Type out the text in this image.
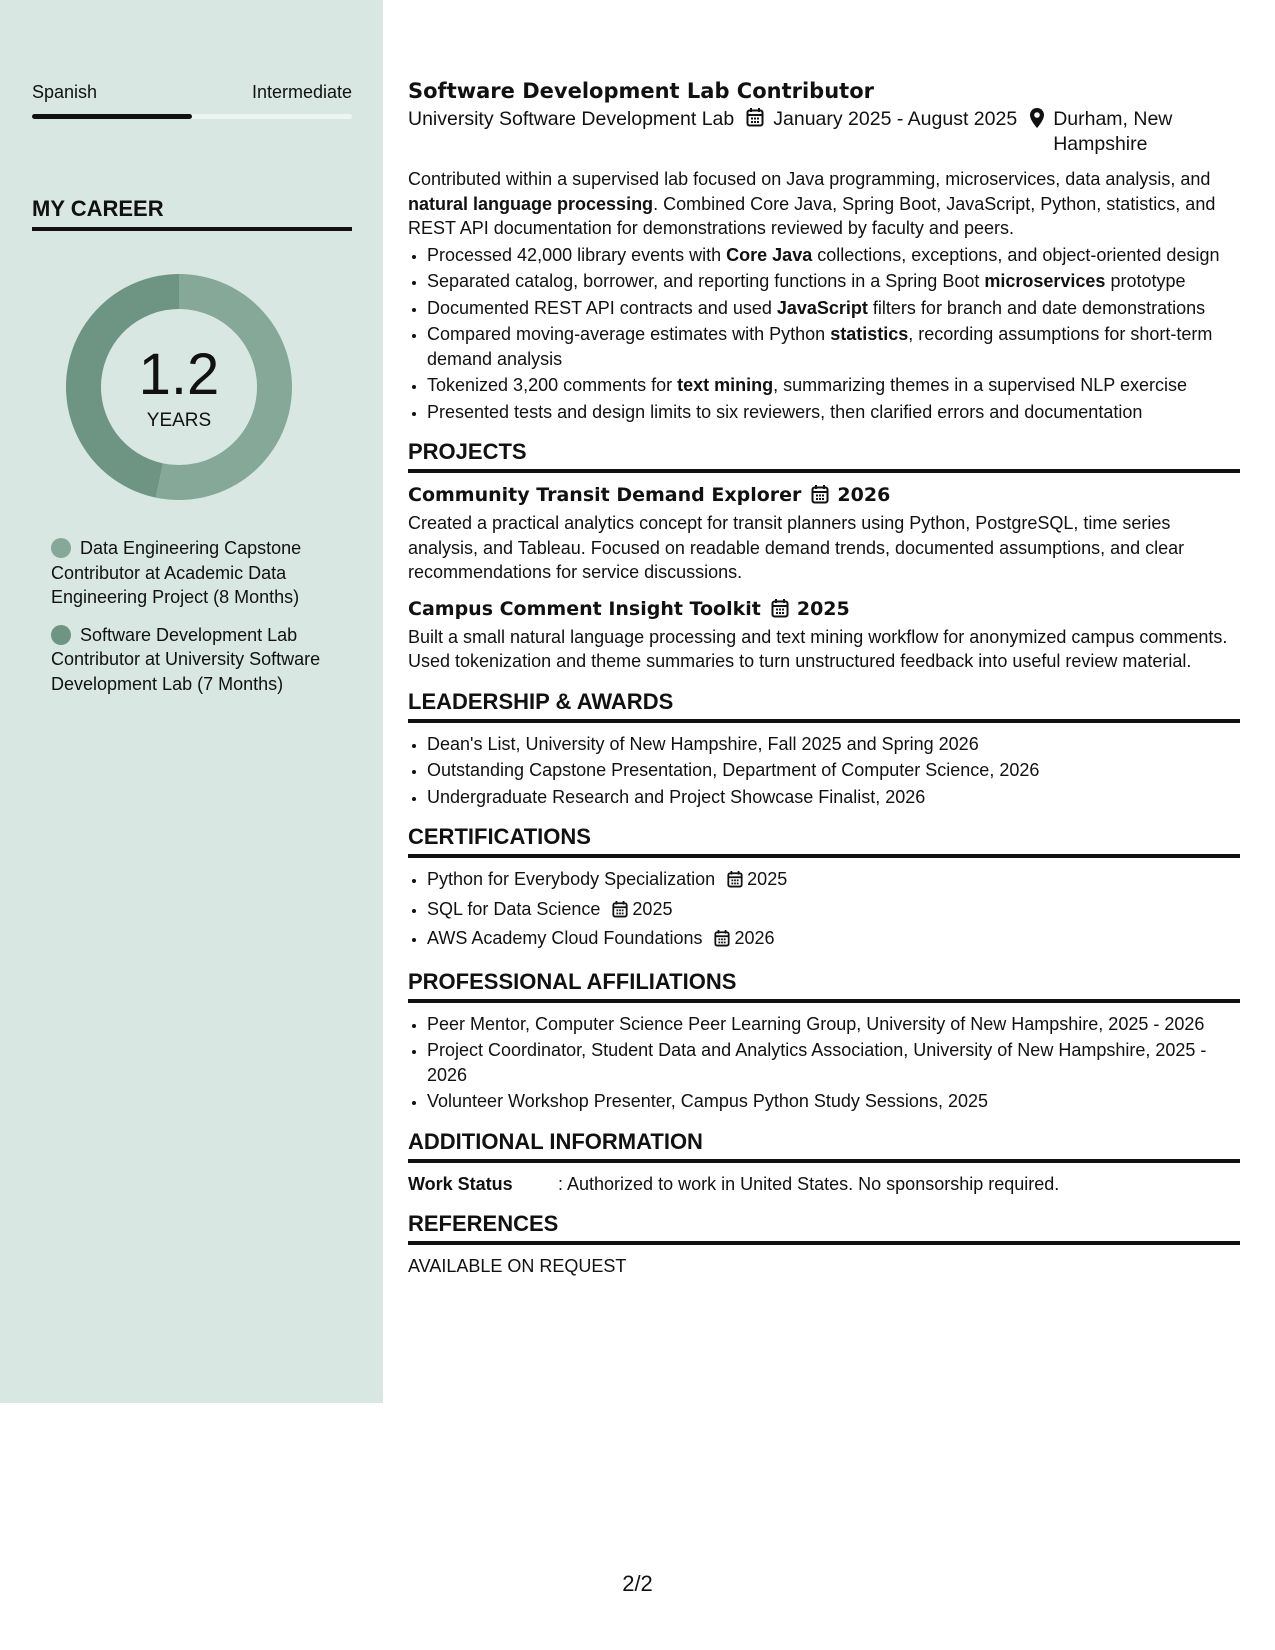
Spanish	Intermediate
MY CAREER
1.2
YEARS
Data Engineering Capstone Contributor at Academic Data Engineering Project (8 Months)
Software Development Lab Contributor at University Software Development Lab (7 Months)
Software Development Lab Contributor
University Software Development Lab January 2025 - August 2025 Durham, New Hampshire
Contributed within a supervised lab focused on Java programming, microservices, data analysis, and natural language processing. Combined Core Java, Spring Boot, JavaScript, Python, statistics, and REST API documentation for demonstrations reviewed by faculty and peers.
• Processed 42,000 library events with Core Java collections, exceptions, and object-oriented design
• Separated catalog, borrower, and reporting functions in a Spring Boot microservices prototype
• Documented REST API contracts and used JavaScript filters for branch and date demonstrations
• Compared moving-average estimates with Python statistics, recording assumptions for short-term demand analysis
• Tokenized 3,200 comments for text mining, summarizing themes in a supervised NLP exercise
• Presented tests and design limits to six reviewers, then clarified errors and documentation
PROJECTS
Community Transit Demand Explorer 2026
Created a practical analytics concept for transit planners using Python, PostgreSQL, time series analysis, and Tableau. Focused on readable demand trends, documented assumptions, and clear recommendations for service discussions.
Campus Comment Insight Toolkit 2025
Built a small natural language processing and text mining workflow for anonymized campus comments. Used tokenization and theme summaries to turn unstructured feedback into useful review material.
LEADERSHIP & AWARDS
• Dean's List, University of New Hampshire, Fall 2025 and Spring 2026
• Outstanding Capstone Presentation, Department of Computer Science, 2026
• Undergraduate Research and Project Showcase Finalist, 2026
CERTIFICATIONS
• Python for Everybody Specialization 2025
• SQL for Data Science 2025
• AWS Academy Cloud Foundations 2026
PROFESSIONAL AFFILIATIONS
• Peer Mentor, Computer Science Peer Learning Group, University of New Hampshire, 2025 - 2026
• Project Coordinator, Student Data and Analytics Association, University of New Hampshire, 2025 - 2026
• Volunteer Workshop Presenter, Campus Python Study Sessions, 2025
ADDITIONAL INFORMATION
Work Status	: Authorized to work in United States. No sponsorship required.
REFERENCES
AVAILABLE ON REQUEST
2/2
